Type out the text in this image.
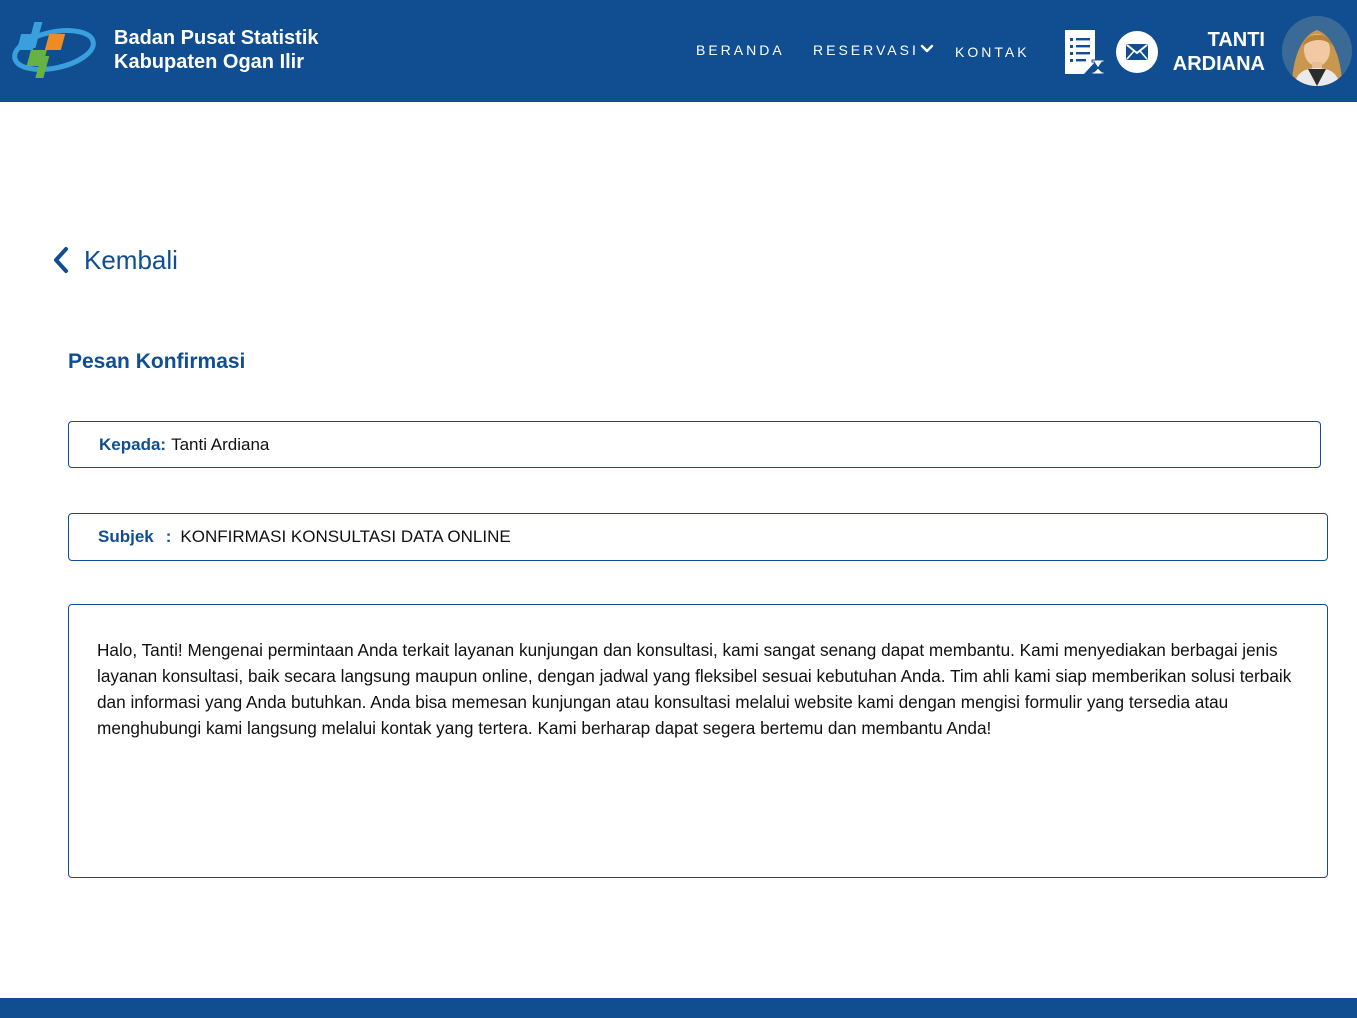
Badan Pusat Statistik
Kabupaten Ogan Ilir
BERANDA RESERVASI	KONTAK
TANTI
ARDIANA
Kembali
Pesan Konfirmasi
Kepada : Tanti Ardiana
Subjek : KONFIRMASI KONSULTASI DATA ONLINE
Halo, Tanti! Mengenai permintaan Anda terkait layanan kunjungan dan konsultasi, kami sangat senang dapat membantu. Kami menyediakan berbagai jenis layanan konsultasi, baik secara langsung maupun online, dengan jadwal yang fleksibel sesuai kebutuhan Anda. Tim ahli kami siap memberikan solusi terbaik dan informasi yang Anda butuhkan. Anda bisa memesan kunjungan atau konsultasi melalui website kami dengan mengisi formulir yang tersedia atau menghubungi kami langsung melalui kontak yang tertera. Kami berharap dapat segera bertemu dan membantu Anda!
